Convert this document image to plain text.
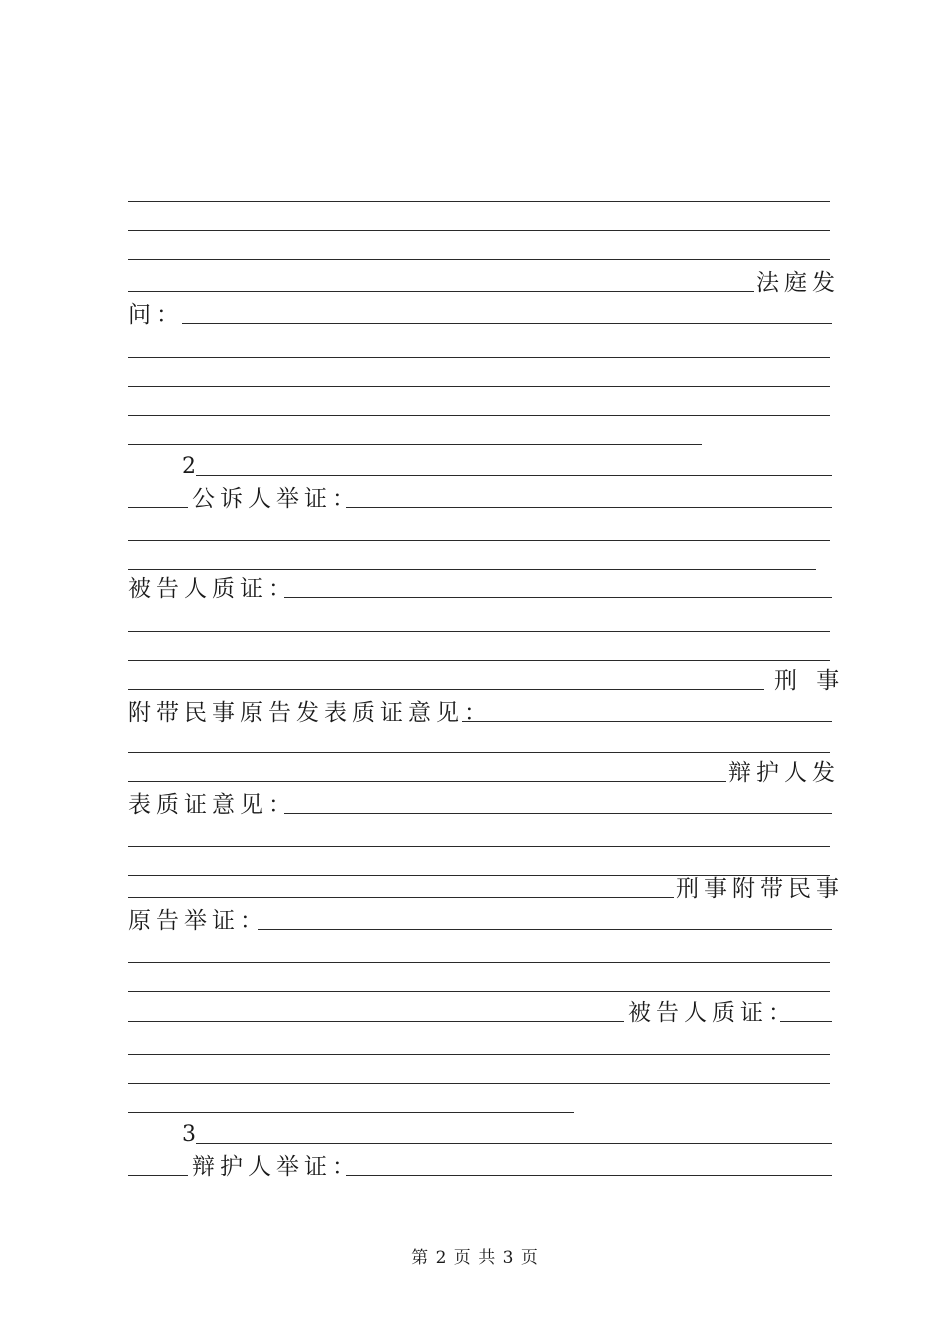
法庭发
问：
2
公诉人举证：
被告人质证：
刑 事
附带民事原告发表质证意见：
辩护人发
表质证意见：
刑事附带民事
原告举证：
被告人质证：
3
辩护人举证：
第 2 页 共 3 页
